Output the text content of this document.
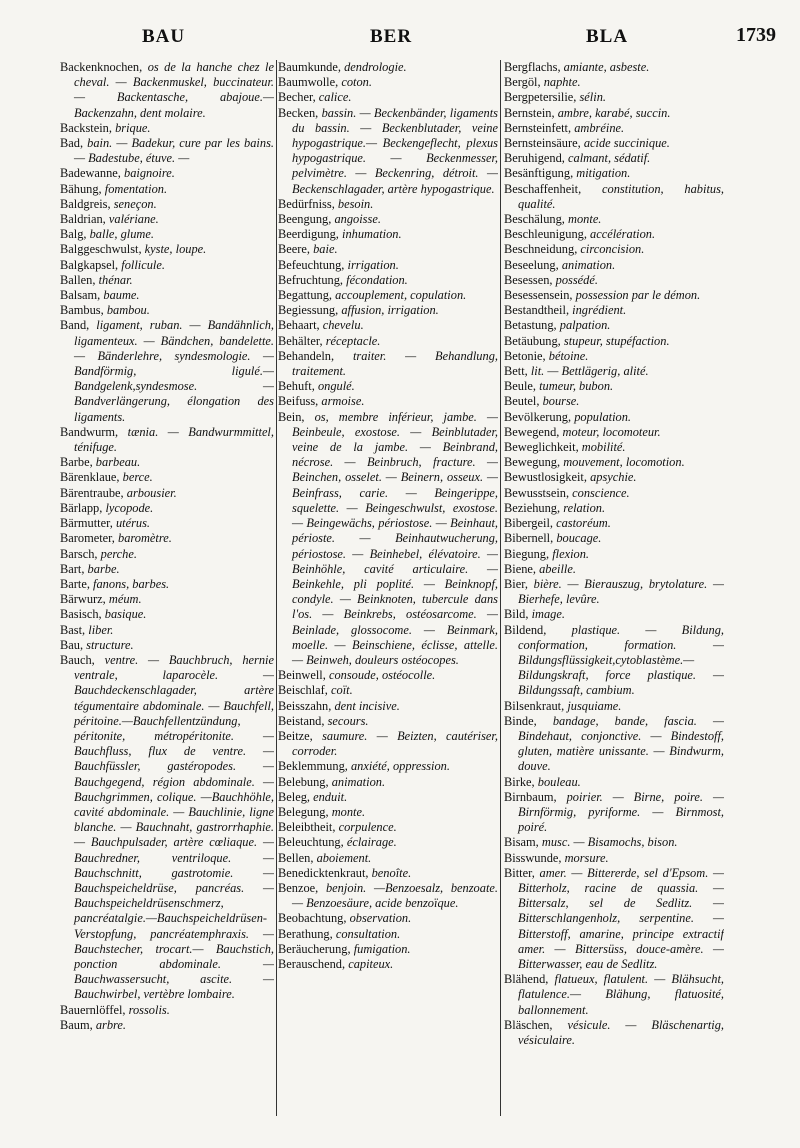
BAU	BER	BLA	1739
Backenknochen, os de la hanche chez le cheval. — Backenmuskel, buccinateur. — Backentasche, abajoue.—Backenzahn, dent molaire.
Backstein, brique.
Bad, bain. — Badekur, cure par les bains. — Badestube, étuve. —
Badewanne, baignoire.
Bähung, fomentation.
Baldgreis, seneçon.
Baldrian, valériane.
Balg, balle, glume.
Balggeschwulst, kyste, loupe.
Balgkapsel, follicule.
Ballen, thénar.
Balsam, baume.
Bambus, bambou.
Band, ligament, ruban. — Bandähnlich, ligamenteux. — Bändchen, bandelette. — Bänderlehre, syndesmologie. — Bandförmig, ligulé.—Bandgelenk,syndesmose. — Bandverlängerung, élongation des ligaments.
Bandwurm, tænia. — Bandwurmmittel, ténifuge.
Barbe, barbeau.
Bärenklaue, berce.
Bärentraube, arbousier.
Bärlapp, lycopode.
Bärmutter, utérus.
Barometer, baromètre.
Barsch, perche.
Bart, barbe.
Barte, fanons, barbes.
Bärwurz, méum.
Basisch, basique.
Bast, liber.
Bau, structure.
Bauch, ventre. — Bauchbruch, hernie ventrale, laparocèle. — Bauchdeckenschlagader, artère tégumentaire abdominale. — Bauchfell, péritoine.—Bauchfellentzündung, péritonite, métropéritonite. — Bauchfluss, flux de ventre. — Bauchfüssler, gastéropodes. — Bauchgegend, région abdominale. — Bauchgrimmen, colique. —Bauchhöhle, cavité abdominale. — Bauchlinie, ligne blanche. — Bauchnaht, gastrorrhaphie. — Bauchpulsader, artère cœliaque. — Bauchredner, ventriloque. — Bauchschnitt, gastrotomie. — Bauchspeicheldrüse, pancréas. — Bauchspeicheldrüsenschmerz, pancréatalgie.—Bauchspeicheldrüsen-Verstopfung, pancréatemphraxis. — Bauchstecher, trocart.— Bauchstich, ponction abdominale. — Bauchwassersucht, ascite. — Bauchwirbel, vertèbre lombaire.
Bauernlöffel, rossolis.
Baum, arbre.
Baumkunde, dendrologie.
Baumwolle, coton.
Becher, calice.
Becken, bassin. — Beckenbänder, ligaments du bassin. — Beckenblutader, veine hypogastrique.— Beckengeflecht, plexus hypogastrique. — Beckenmesser, pelvimètre. — Beckenring, détroit. — Beckenschlagader, artère hypogastrique.
Bedürfniss, besoin.
Beengung, angoisse.
Beerdigung, inhumation.
Beere, baie.
Befeuchtung, irrigation.
Befruchtung, fécondation.
Begattung, accouplement, copulation.
Begiessung, affusion, irrigation.
Behaart, chevelu.
Behälter, réceptacle.
Behandeln, traiter. — Behandlung, traitement.
Behuft, ongulé.
Beifuss, armoise.
Bein, os, membre inférieur, jambe. — Beinbeule, exostose. — Beinblutader, veine de la jambe. — Beinbrand, nécrose. — Beinbruch, fracture. — Beinchen, osselet. — Beinern, osseux. — Beinfrass, carie. — Beingerippe, squelette. — Beingeschwulst, exostose. — Beingewächs, périostose. — Beinhaut, périoste. — Beinhautwucherung, périostose. — Beinhebel, élévatoire. — Beinhöhle, cavité articulaire. — Beinkehle, pli poplité. — Beinknopf, condyle. — Beinknoten, tubercule dans l'os. — Beinkrebs, ostéosarcome. — Beinlade, glossocome. — Beinmark, moelle. — Beinschiene, éclisse, attelle. — Beinweh, douleurs ostéocopes.
Beinwell, consoude, ostéocolle.
Beischlaf, coït.
Beisszahn, dent incisive.
Beistand, secours.
Beitze, saumure. — Beizten, cautériser, corroder.
Beklemmung, anxiété, oppression.
Belebung, animation.
Beleg, enduit.
Belegung, monte.
Beleibtheit, corpulence.
Beleuchtung, éclairage.
Bellen, aboiement.
Benedicktenkraut, benoîte.
Benzoe, benjoin. —Benzoesalz, benzoate. — Benzoesäure, acide benzoïque.
Beobachtung, observation.
Berathung, consultation.
Beräucherung, fumigation.
Berauschend, capiteux.
Bergflachs, amiante, asbeste.
Bergöl, naphte.
Bergpetersilie, sélin.
Bernstein, ambre, karabé, succin.
Bernsteinfett, ambréine.
Bernsteinsäure, acide succinique.
Beruhigend, calmant, sédatif.
Besänftigung, mitigation.
Beschaffenheit, constitution, habitus, qualité.
Beschälung, monte.
Beschleunigung, accélération.
Beschneidung, circoncision.
Beseelung, animation.
Besessen, possédé.
Besessensein, possession par le démon.
Bestandtheil, ingrédient.
Betastung, palpation.
Betäubung, stupeur, stupéfaction.
Betonie, bétoine.
Bett, lit. — Bettlägerig, alité.
Beule, tumeur, bubon.
Beutel, bourse.
Bevölkerung, population.
Bewegend, moteur, locomoteur.
Beweglichkeit, mobilité.
Bewegung, mouvement, locomotion.
Bewustlosigkeit, apsychie.
Bewusstsein, conscience.
Beziehung, relation.
Bibergeil, castoréum.
Bibernell, boucage.
Biegung, flexion.
Biene, abeille.
Bier, bière. — Bierauszug, brytolature. — Bierhefe, levûre.
Bild, image.
Bildend, plastique. — Bildung, conformation, formation. — Bildungsflüssigkeit,cytoblastème.— Bildungskraft, force plastique. — Bildungssaft, cambium.
Bilsenkraut, jusquiame.
Binde, bandage, bande, fascia. — Bindehaut, conjonctive. — Bindestoff, gluten, matière unissante. — Bindwurm, douve.
Birke, bouleau.
Birnbaum, poirier. — Birne, poire. — Birnförmig, pyriforme. — Birnmost, poiré.
Bisam, musc. — Bisamochs, bison.
Bisswunde, morsure.
Bitter, amer. — Bittererde, sel d'Epsom. — Bitterholz, racine de quassia. — Bittersalz, sel de Sedlitz. — Bitterschlangenholz, serpentine. — Bitterstoff, amarine, principe extractif amer. — Bittersüss, douce-amère. — Bitterwasser, eau de Sedlitz.
Blähend, flatueux, flatulent. — Blähsucht, flatulence.— Blähung, flatuosité, ballonnement.
Bläschen, vésicule. — Bläschenartig, vésiculaire.
